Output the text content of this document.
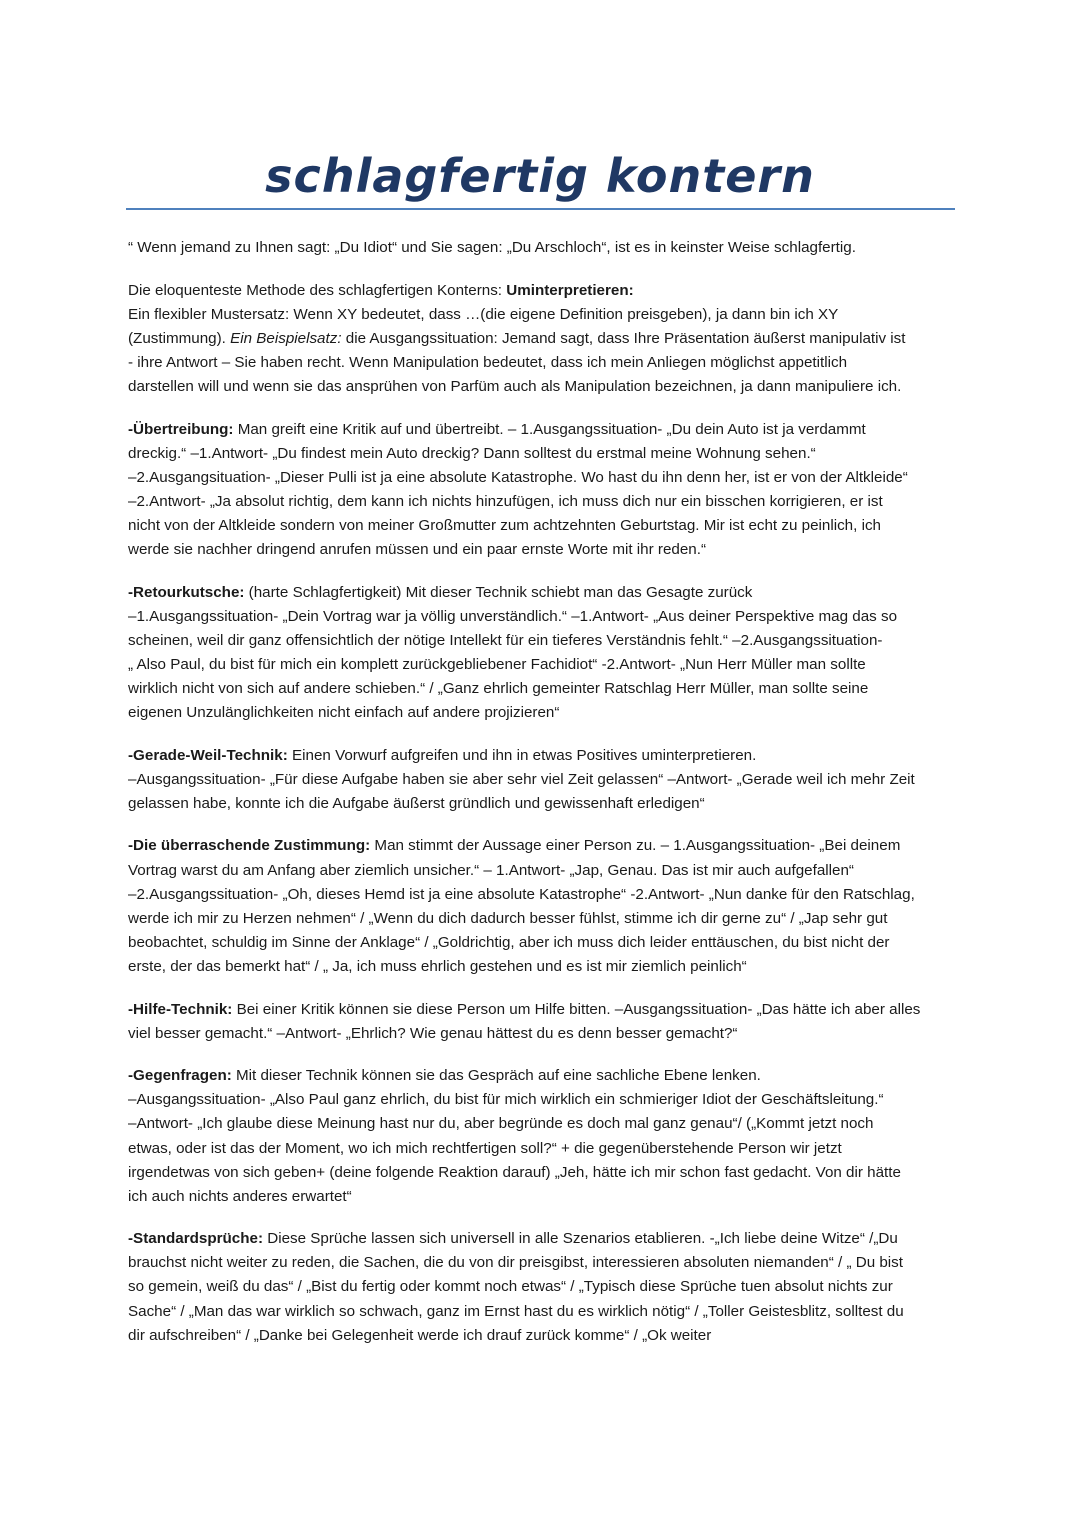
schlagfertig kontern

“ Wenn jemand zu Ihnen sagt: „Du Idiot“ und Sie sagen: „Du Arschloch“, ist es in keinster Weise schlagfertig.

Die eloquenteste Methode des schlagfertigen Konterns: Uminterpretieren:
Ein flexibler Mustersatz: Wenn XY bedeutet, dass …(die eigene Definition preisgeben), ja dann bin ich XY
(Zustimmung). Ein Beispielsatz: die Ausgangssituation: Jemand sagt, dass Ihre Präsentation äußerst manipulativ ist
- ihre Antwort – Sie haben recht. Wenn Manipulation bedeutet, dass ich mein Anliegen möglichst appetitlich
darstellen will und wenn sie das ansprühen von Parfüm auch als Manipulation bezeichnen, ja dann manipuliere ich.

-Übertreibung: Man greift eine Kritik auf und übertreibt. – 1.Ausgangssituation- „Du dein Auto ist ja verdammt
dreckig.“ –1.Antwort- „Du findest mein Auto dreckig? Dann solltest du erstmal meine Wohnung sehen.“
–2.Ausgangsituation- „Dieser Pulli ist ja eine absolute Katastrophe. Wo hast du ihn denn her, ist er von der Altkleide“
–2.Antwort- „Ja absolut richtig, dem kann ich nichts hinzufügen, ich muss dich nur ein bisschen korrigieren, er ist
nicht von der Altkleide sondern von meiner Großmutter zum achtzehnten Geburtstag. Mir ist echt zu peinlich, ich
werde sie nachher dringend anrufen müssen und ein paar ernste Worte mit ihr reden.“

-Retourkutsche: (harte Schlagfertigkeit) Mit dieser Technik schiebt man das Gesagte zurück
–1.Ausgangssituation- „Dein Vortrag war ja völlig unverständlich.“ –1.Antwort- „Aus deiner Perspektive mag das so
scheinen, weil dir ganz offensichtlich der nötige Intellekt für ein tieferes Verständnis fehlt.“ –2.Ausgangssituation-
„ Also Paul, du bist für mich ein komplett zurückgebliebener Fachidiot“ -2.Antwort- „Nun Herr Müller man sollte
wirklich nicht von sich auf andere schieben.“ / „Ganz ehrlich gemeinter Ratschlag Herr Müller, man sollte seine
eigenen Unzulänglichkeiten nicht einfach auf andere projizieren“

-Gerade-Weil-Technik: Einen Vorwurf aufgreifen und ihn in etwas Positives uminterpretieren.
–Ausgangssituation- „Für diese Aufgabe haben sie aber sehr viel Zeit gelassen“ –Antwort- „Gerade weil ich mehr Zeit
gelassen habe, konnte ich die Aufgabe äußerst gründlich und gewissenhaft erledigen“

-Die überraschende Zustimmung: Man stimmt der Aussage einer Person zu. – 1.Ausgangssituation- „Bei deinem
Vortrag warst du am Anfang aber ziemlich unsicher.“ – 1.Antwort- „Jap, Genau. Das ist mir auch aufgefallen“
–2.Ausgangssituation- „Oh, dieses Hemd ist ja eine absolute Katastrophe“ -2.Antwort- „Nun danke für den Ratschlag,
werde ich mir zu Herzen nehmen“ / „Wenn du dich dadurch besser fühlst, stimme ich dir gerne zu“ / „Jap sehr gut
beobachtet, schuldig im Sinne der Anklage“ / „Goldrichtig, aber ich muss dich leider enttäuschen, du bist nicht der
erste, der das bemerkt hat“ / „ Ja, ich muss ehrlich gestehen und es ist mir ziemlich peinlich“

-Hilfe-Technik: Bei einer Kritik können sie diese Person um Hilfe bitten. –Ausgangssituation- „Das hätte ich aber alles
viel besser gemacht.“ –Antwort- „Ehrlich? Wie genau hättest du es denn besser gemacht?“

-Gegenfragen: Mit dieser Technik können sie das Gespräch auf eine sachliche Ebene lenken.
–Ausgangssituation- „Also Paul ganz ehrlich, du bist für mich wirklich ein schmieriger Idiot der Geschäftsleitung.“
–Antwort- „Ich glaube diese Meinung hast nur du, aber begründe es doch mal ganz genau“/ („Kommt jetzt noch
etwas, oder ist das der Moment, wo ich mich rechtfertigen soll?“ + die gegenüberstehende Person wir jetzt
irgendetwas von sich geben+ (deine folgende Reaktion darauf) „Jeh, hätte ich mir schon fast gedacht. Von dir hätte
ich auch nichts anderes erwartet“

-Standardsprüche: Diese Sprüche lassen sich universell in alle Szenarios etablieren. -„Ich liebe deine Witze“ /„Du
brauchst nicht weiter zu reden, die Sachen, die du von dir preisgibst, interessieren absoluten niemanden“ / „ Du bist
so gemein, weiß du das“ / „Bist du fertig oder kommt noch etwas“ / „Typisch diese Sprüche tuen absolut nichts zur
Sache“ / „Man das war wirklich so schwach, ganz im Ernst hast du es wirklich nötig“ / „Toller Geistesblitz, solltest du
dir aufschreiben“ / „Danke bei Gelegenheit werde ich drauf zurück komme“ / „Ok weiter
